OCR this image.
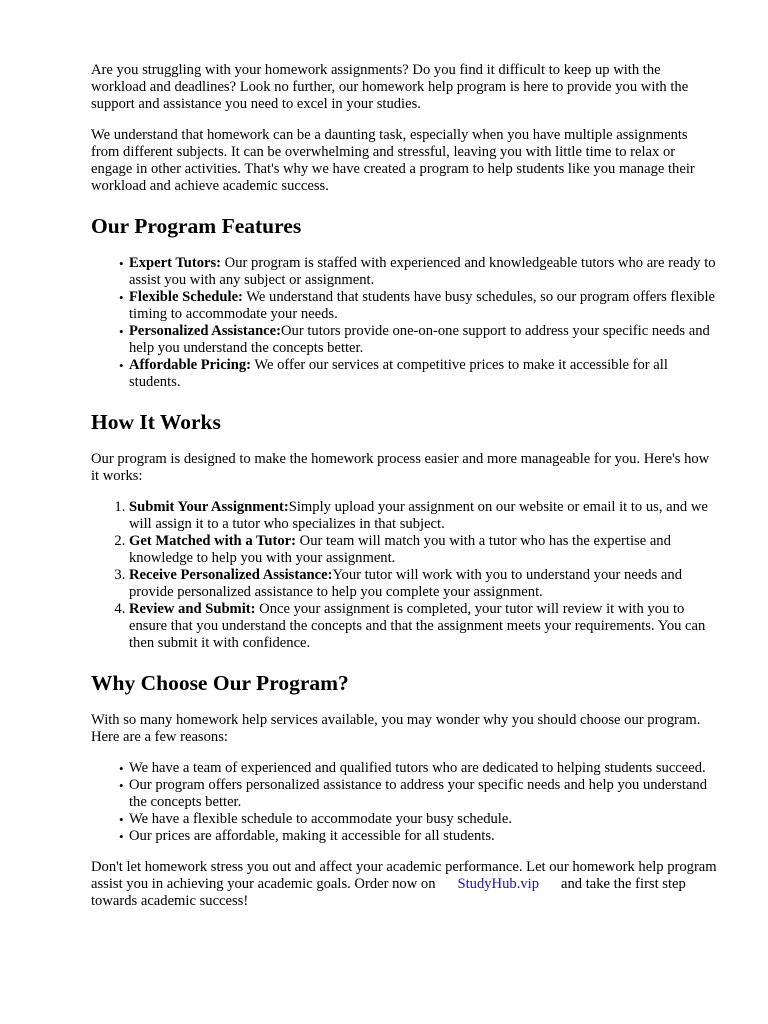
Are you struggling with your homework assignments? Do you find it difficult to keep up with the workload and deadlines? Look no further, our homework help program is here to provide you with the support and assistance you need to excel in your studies.

We understand that homework can be a daunting task, especially when you have multiple assignments from different subjects. It can be overwhelming and stressful, leaving you with little time to relax or engage in other activities. That's why we have created a program to help students like you manage their workload and achieve academic success.

Our Program Features
• Expert Tutors: Our program is staffed with experienced and knowledgeable tutors who are ready to assist you with any subject or assignment.
• Flexible Schedule: We understand that students have busy schedules, so our program offers flexible timing to accommodate your needs.
• Personalized Assistance:Our tutors provide one-on-one support to address your specific needs and help you understand the concepts better.
• Affordable Pricing: We offer our services at competitive prices to make it accessible for all students.
How It Works

Our program is designed to make the homework process easier and more manageable for you. Here's how it works:

1. Submit Your Assignment:Simply upload your assignment on our website or email it to us, and we will assign it to a tutor who specializes in that subject.
2. Get Matched with a Tutor: Our team will match you with a tutor who has the expertise and knowledge to help you with your assignment.
3. Receive Personalized Assistance:Your tutor will work with you to understand your needs and provide personalized assistance to help you complete your assignment.
4. Review and Submit: Once your assignment is completed, your tutor will review it with you to ensure that you understand the concepts and that the assignment meets your requirements. You can then submit it with confidence.
Why Choose Our Program?

With so many homework help services available, you may wonder why you should choose our program. Here are a few reasons:

• We have a team of experienced and qualified tutors who are dedicated to helping students succeed.
• Our program offers personalized assistance to address your specific needs and help you understand the concepts better.
• We have a flexible schedule to accommodate your busy schedule.
• Our prices are affordable, making it accessible for all students.

Don't let homework stress you out and affect your academic performance. Let our homework help program assist you in achieving your academic goals. Order now on StudyHub.vip and take the first step towards academic success!
